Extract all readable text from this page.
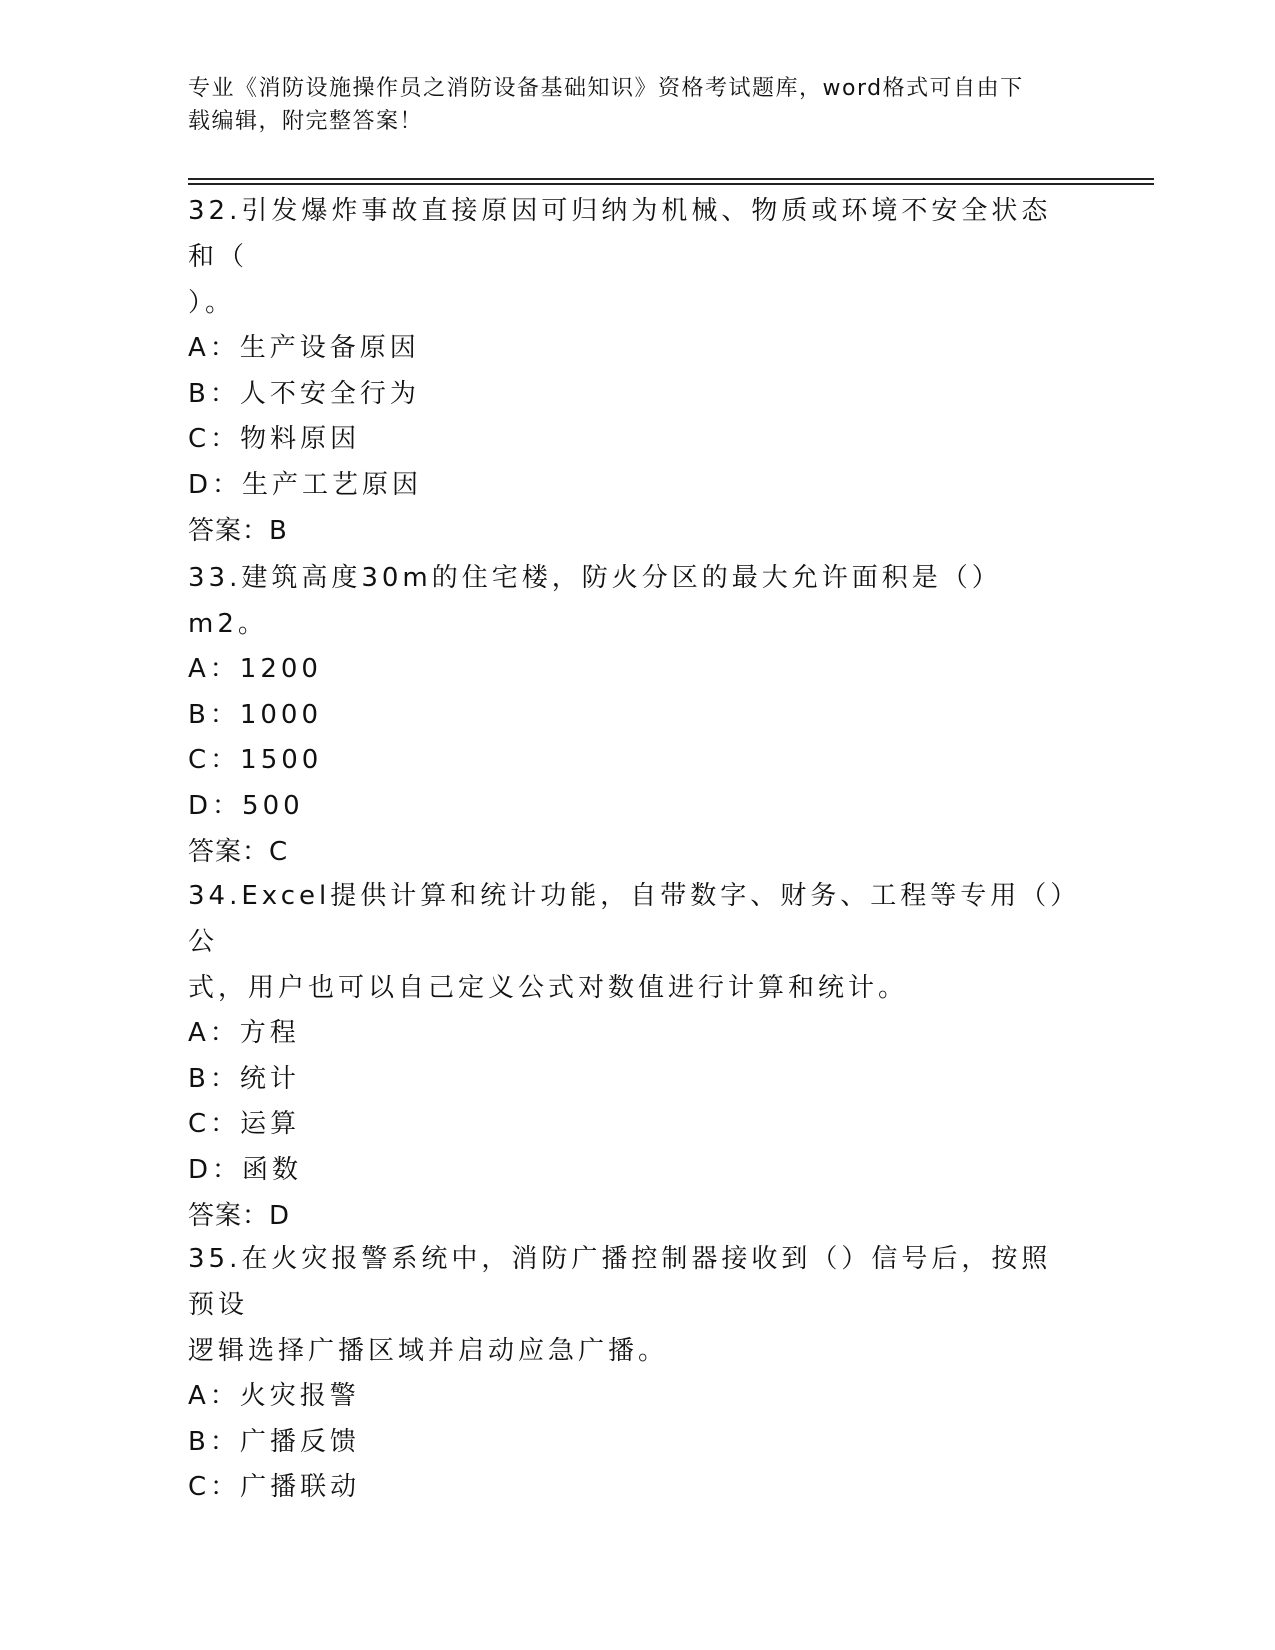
专业《消防设施操作员之消防设备基础知识》资格考试题库，word格式可自由下
载编辑，附完整答案！

32.引发爆炸事故直接原因可归纳为机械、物质或环境不安全状态和（

）。

A：生产设备原因

B：人不安全行为

C：物料原因

D：生产工艺原因

答案：B

33.建筑高度30m的住宅楼，防火分区的最大允许面积是（）m2。

A：1200

B：1000

C：1500

D：500

答案：C

34.Excel提供计算和统计功能，自带数字、财务、工程等专用（）公

式，用户也可以自己定义公式对数值进行计算和统计。

A：方程

B：统计

C：运算

D：函数

答案：D

35.在火灾报警系统中，消防广播控制器接收到（）信号后，按照预设

逻辑选择广播区域并启动应急广播。

A：火灾报警

B：广播反馈

C：广播联动
